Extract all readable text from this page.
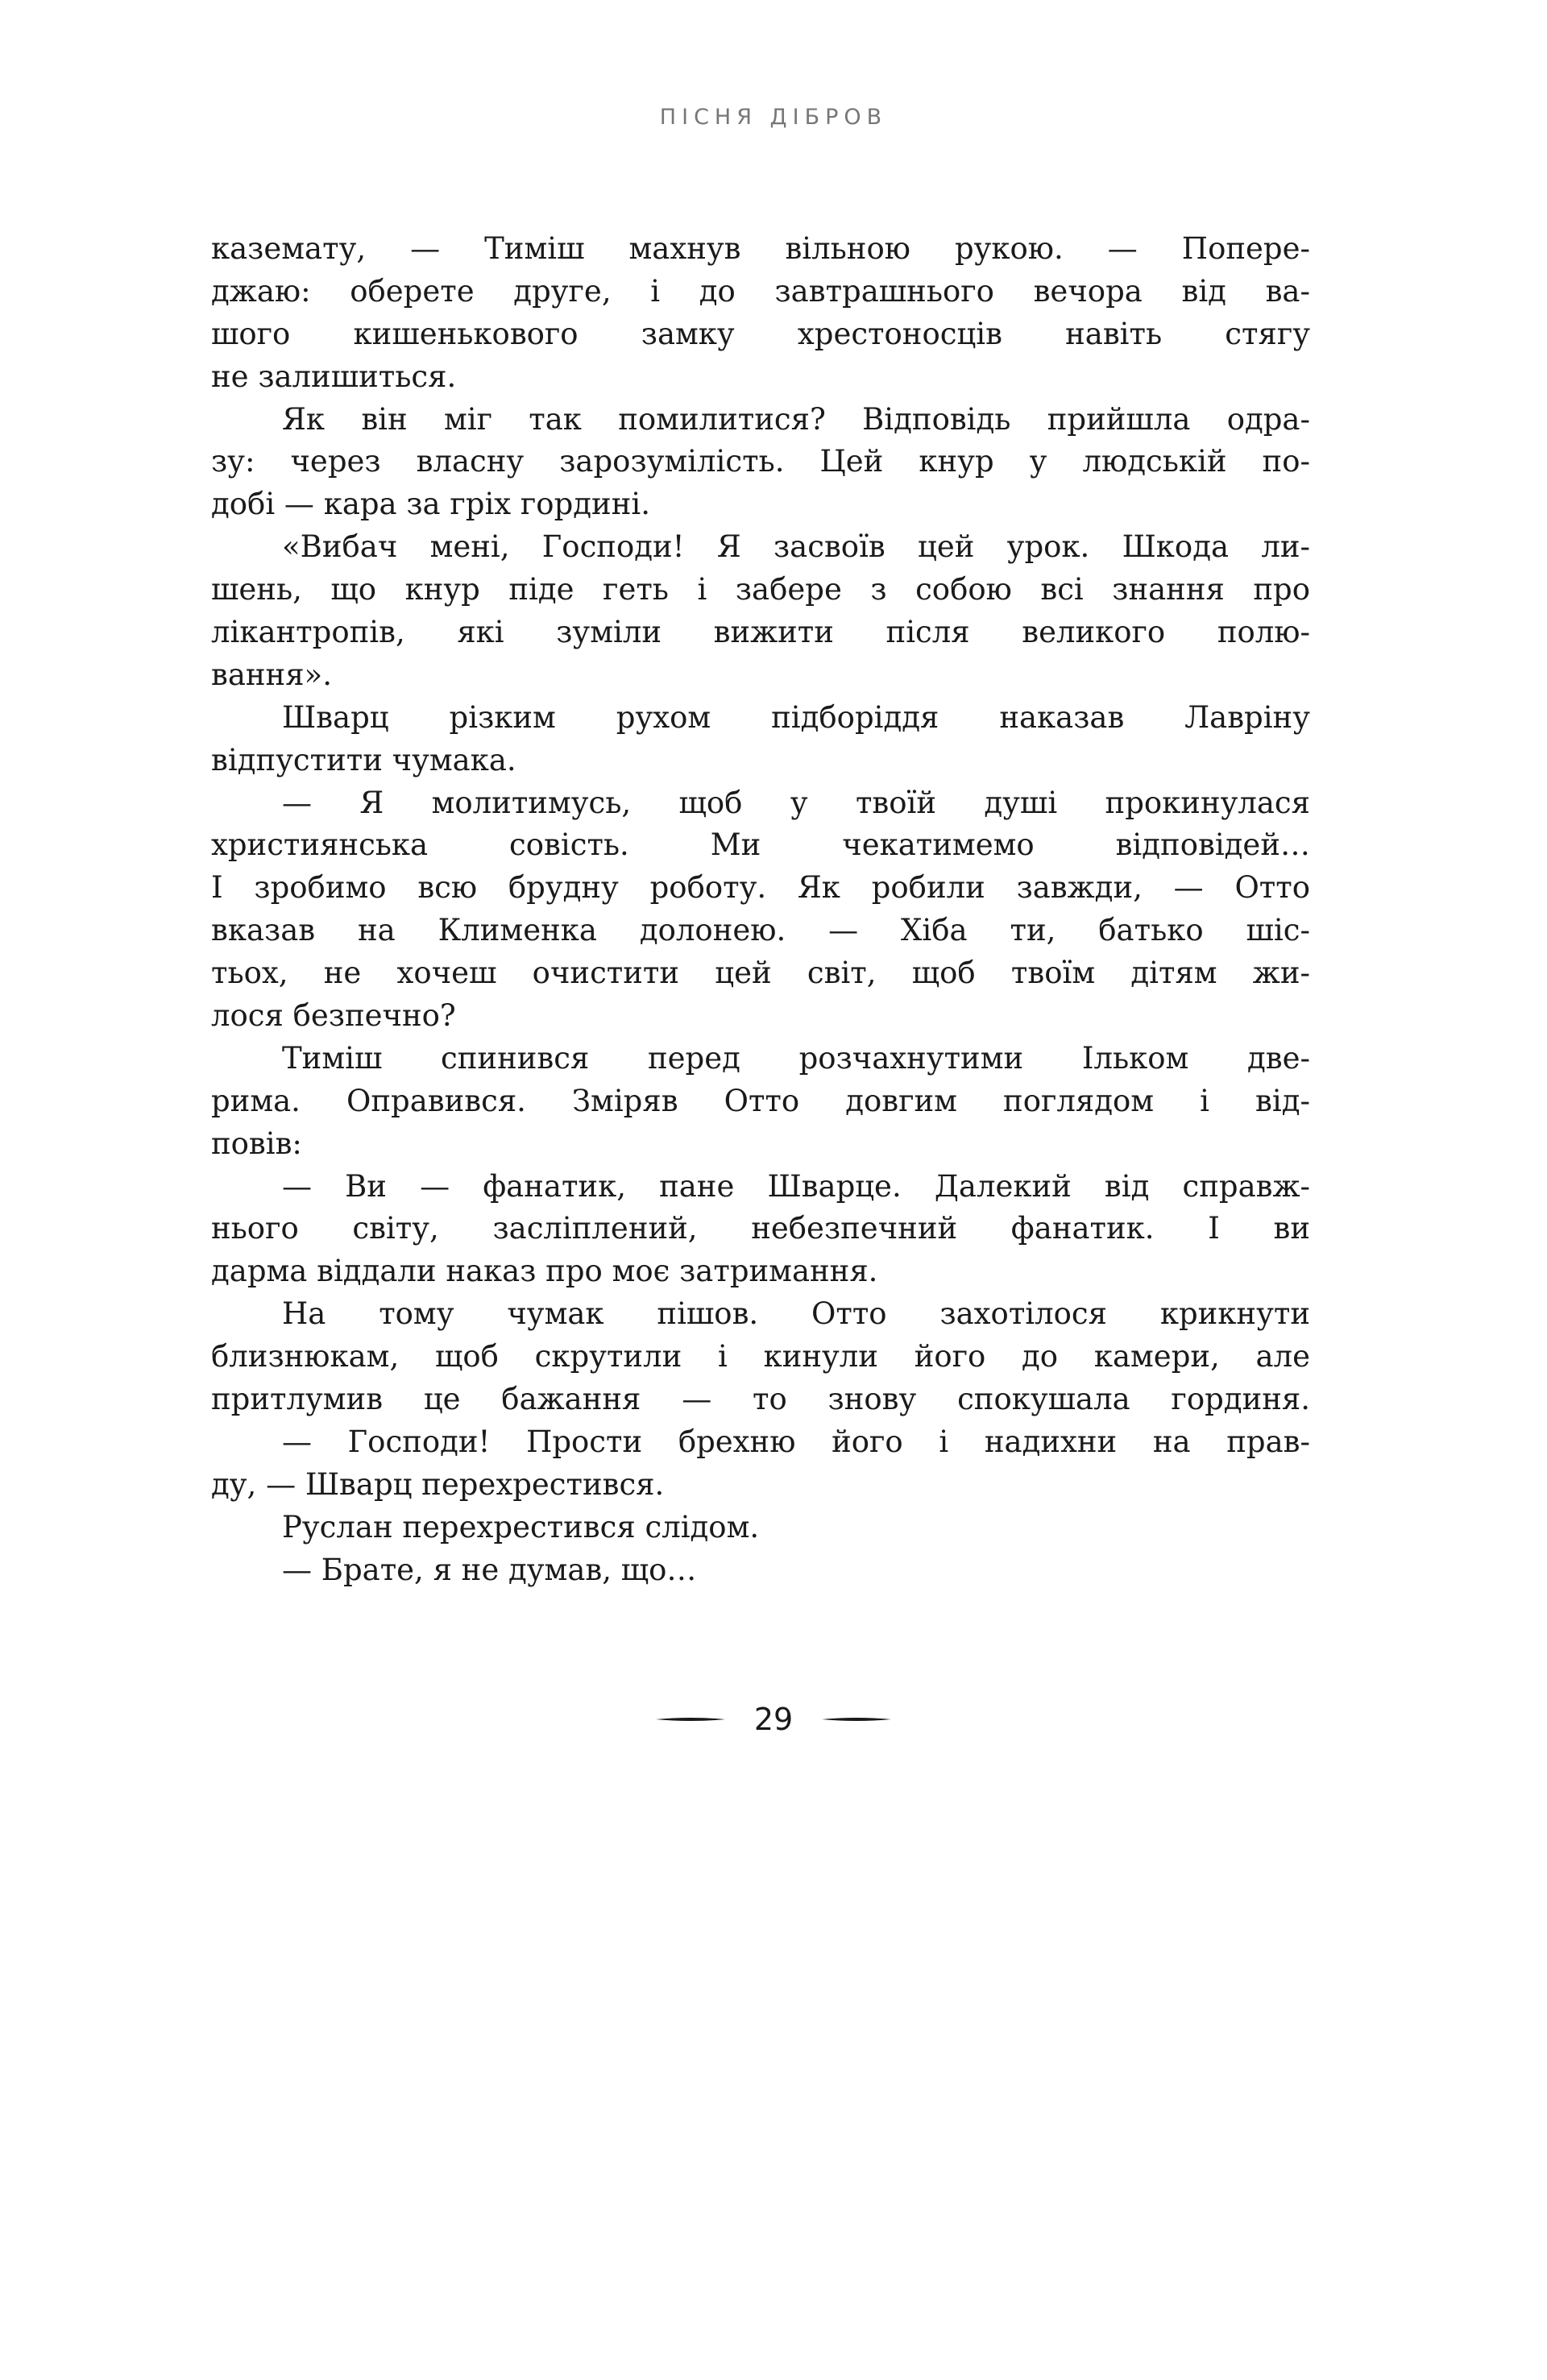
ПІСНЯ ДІБРОВ
каземату, — Тиміш махнув вільною рукою. — Попере-
джаю: оберете друге, і до завтрашнього вечора від ва-
шого кишенькового замку хрестоносців навіть стягу
не залишиться.
Як він міг так помилитися? Відповідь прийшла одра-
зу: через власну зарозумілість. Цей кнур у людській по-
добі — кара за гріх гордині.
«Вибач мені, Господи! Я засвоїв цей урок. Шкода ли-
шень, що кнур піде геть і забере з собою всі знання про
лікантропів, які зуміли вижити після великого полю-
вання».
Шварц різким рухом підборіддя наказав Лавріну
відпустити чумака.
— Я молитимусь, щоб у твоїй душі прокинулася
християнська совість. Ми чекатимемо відповідей…
І зробимо всю брудну роботу. Як робили завжди, — Отто
вказав на Клименка долонею. — Хіба ти, батько шіс-
тьох, не хочеш очистити цей світ, щоб твоїм дітям жи-
лося безпечно?
Тиміш спинився перед розчахнутими Ільком две-
рима. Оправився. Зміряв Отто довгим поглядом і від-
повів:
— Ви — фанатик, пане Шварце. Далекий від справж-
нього світу, засліплений, небезпечний фанатик. І ви
дарма віддали наказ про моє затримання.
На тому чумак пішов. Отто захотілося крикнути
близнюкам, щоб скрутили і кинули його до камери, але
притлумив це бажання — то знову спокушала гординя.
— Господи! Прости брехню його і надихни на прав-
ду, — Шварц перехрестився.
Руслан перехрестився слідом.
— Брате, я не думав, що…
29
